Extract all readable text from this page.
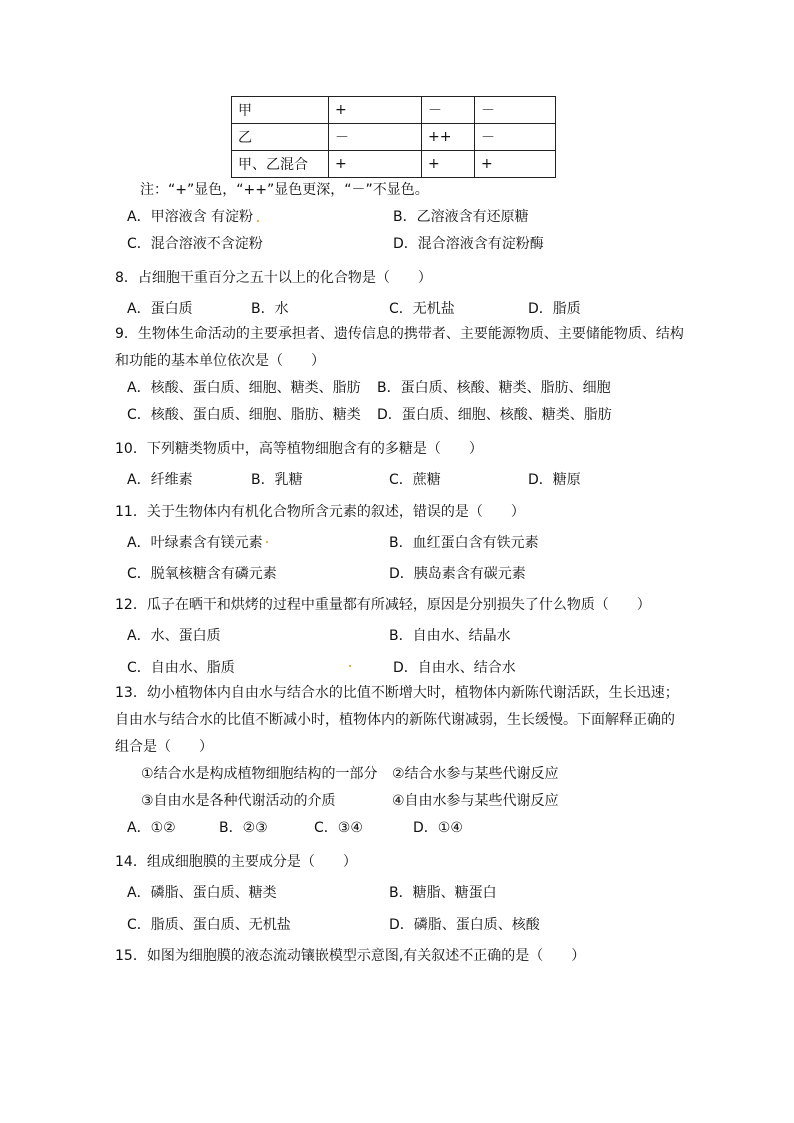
甲	+	－	－
乙	－	++	－
甲、乙混合	+	+	+
注：“+”显色，“++”显色更深，“－”不显色。
A．甲溶液含 有淀粉	B．乙溶液含有还原糖
C．混合溶液不含淀粉	D．混合溶液含有淀粉酶
8．占细胞干重百分之五十以上的化合物是（　　）
A．蛋白质	B．水	C．无机盐	D．脂质
9．生物体生命活动的主要承担者、遗传信息的携带者、主要能源物质、主要储能物质、结构
和功能的基本单位依次是（　　）
A．核酸、蛋白质、细胞、糖类、脂肪 B．蛋白质、核酸、糖类、脂肪、细胞
C．核酸、蛋白质、细胞、脂肪、糖类 D．蛋白质、细胞、核酸、糖类、脂肪
10．下列糖类物质中，高等植物细胞含有的多糖是（　　）
A．纤维素	B．乳糖	C．蔗糖	D．糖原
11．关于生物体内有机化合物所含元素的叙述，错误的是（　　）
A．叶绿素含有镁元素	B．血红蛋白含有铁元素
C．脱氧核糖含有磷元素	D．胰岛素含有碳元素
12．瓜子在晒干和烘烤的过程中重量都有所减轻，原因是分别损失了什么物质（　　）
A．水、蛋白质	B．自由水、结晶水
C．自由水、脂质	D．自由水、结合水
13．幼小植物体内自由水与结合水的比值不断增大时，植物体内新陈代谢活跃，生长迅速；
自由水与结合水的比值不断减小时，植物体内的新陈代谢减弱，生长缓慢。下面解释正确的
组合是（　　）
①结合水是构成植物细胞结构的一部分 ②结合水参与某些代谢反应
③自由水是各种代谢活动的介质	④自由水参与某些代谢反应
A．①②	B．②③	C．③④	D．①④
14．组成细胞膜的主要成分是（　　）
A．磷脂、蛋白质、糖类	B．糖脂、糖蛋白
C．脂质、蛋白质、无机盐	D．磷脂、蛋白质、核酸
15．如图为细胞膜的液态流动镶嵌模型示意图,有关叙述不正确的是（　　）
